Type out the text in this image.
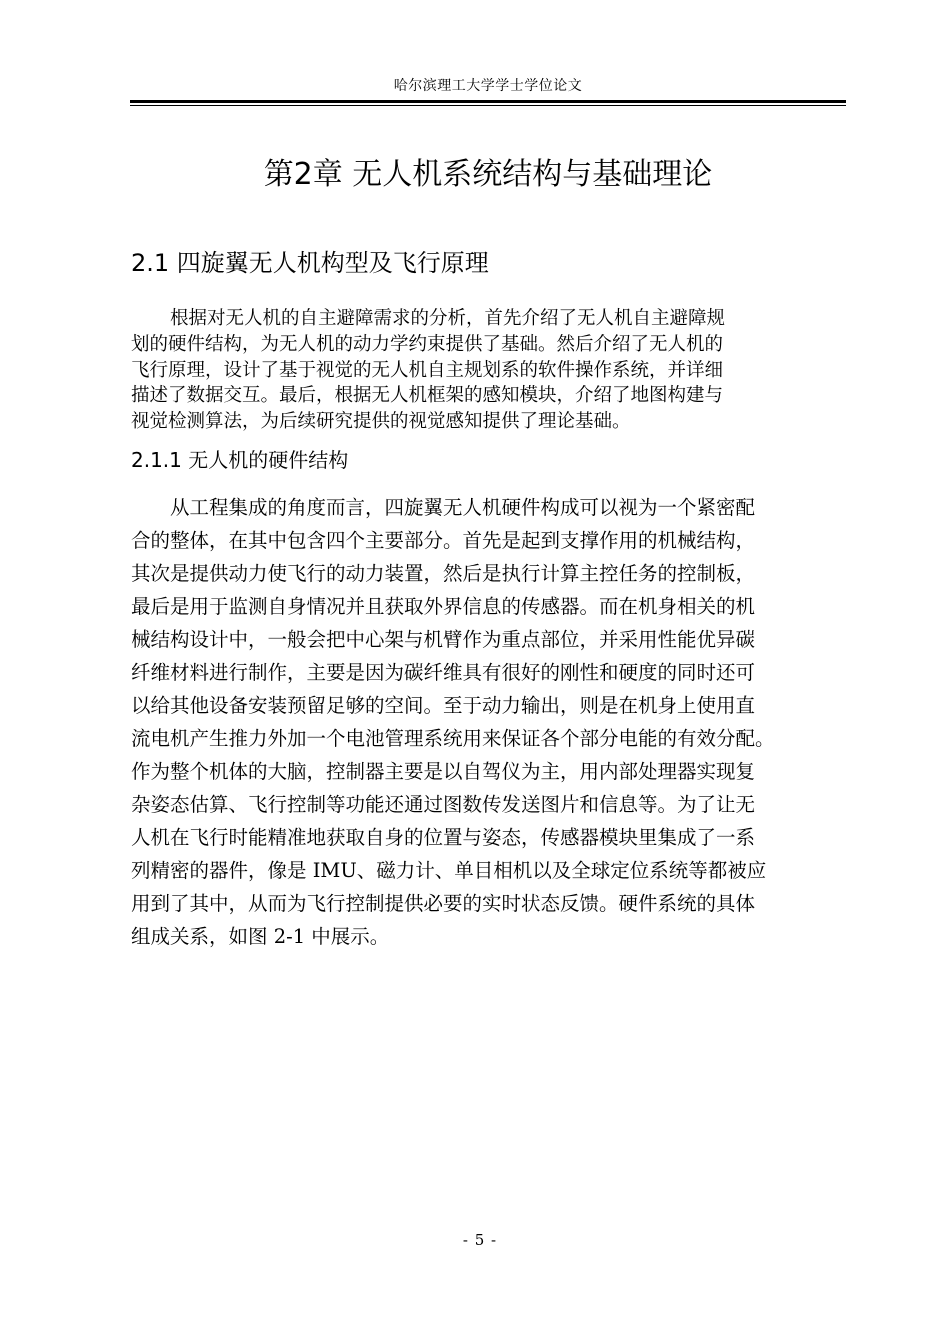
哈尔滨理工大学学士学位论文
第2章 无人机系统结构与基础理论
2.1 四旋翼无人机构型及飞行原理
根据对无人机的自主避障需求的分析，首先介绍了无人机自主避障规
划的硬件结构，为无人机的动力学约束提供了基础。然后介绍了无人机的
飞行原理，设计了基于视觉的无人机自主规划系的软件操作系统，并详细
描述了数据交互。最后，根据无人机框架的感知模块，介绍了地图构建与
视觉检测算法，为后续研究提供的视觉感知提供了理论基础。
2.1.1 无人机的硬件结构
从工程集成的角度而言，四旋翼无人机硬件构成可以视为一个紧密配
合的整体，在其中包含四个主要部分。首先是起到支撑作用的机械结构，
其次是提供动力使飞行的动力装置，然后是执行计算主控任务的控制板，
最后是用于监测自身情况并且获取外界信息的传感器。而在机身相关的机
械结构设计中，一般会把中心架与机臂作为重点部位，并采用性能优异碳
纤维材料进行制作，主要是因为碳纤维具有很好的刚性和硬度的同时还可
以给其他设备安装预留足够的空间。至于动力输出，则是在机身上使用直
流电机产生推力外加一个电池管理系统用来保证各个部分电能的有效分配。
作为整个机体的大脑，控制器主要是以自驾仪为主，用内部处理器实现复
杂姿态估算、飞行控制等功能还通过图数传发送图片和信息等。为了让无
人机在飞行时能精准地获取自身的位置与姿态，传感器模块里集成了一系
列精密的器件，像是 IMU、磁力计、单目相机以及全球定位系统等都被应
用到了其中，从而为飞行控制提供必要的实时状态反馈。硬件系统的具体
组成关系，如图 2-1 中展示。
- 5 -
